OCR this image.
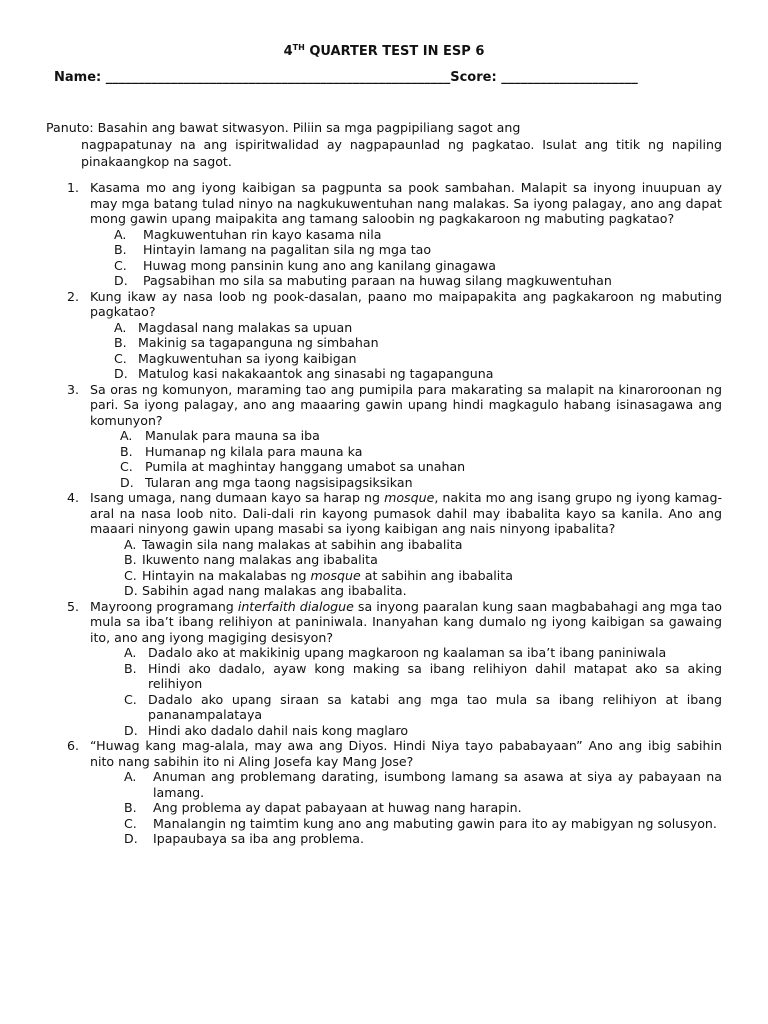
4TH QUARTER TEST IN ESP 6
Name: _____________________________________________________Score: _____________________
Panuto: Basahin ang bawat sitwasyon. Piliin sa mga pagpipiliang sagot ang
nagpapatunay na ang ispiritwalidad ay nagpapaunlad ng pagkatao. Isulat ang titik ng napiling pinakaangkop na sagot.
1. Kasama mo ang iyong kaibigan sa pagpunta sa pook sambahan. Malapit sa inyong inuupuan ay may mga batang tulad ninyo na nagkukuwentuhan nang malakas. Sa iyong palagay, ano ang dapat mong gawin upang maipakita ang tamang saloobin ng pagkakaroon ng mabuting pagkatao?
A. Magkuwentuhan rin kayo kasama nila
B. Hintayin lamang na pagalitan sila ng mga tao
C. Huwag mong pansinin kung ano ang kanilang ginagawa
D. Pagsabihan mo sila sa mabuting paraan na huwag silang magkuwentuhan
2. Kung ikaw ay nasa loob ng pook-dasalan, paano mo maipapakita ang pagkakaroon ng mabuting pagkatao?
A. Magdasal nang malakas sa upuan
B. Makinig sa tagapanguna ng simbahan
C. Magkuwentuhan sa iyong kaibigan
D. Matulog kasi nakakaantok ang sinasabi ng tagapanguna
3. Sa oras ng komunyon, maraming tao ang pumipila para makarating sa malapit na kinaroroonan ng pari. Sa iyong palagay, ano ang maaaring gawin upang hindi magkagulo habang isinasagawa ang komunyon?
A. Manulak para mauna sa iba
B. Humanap ng kilala para mauna ka
C. Pumila at maghintay hanggang umabot sa unahan
D. Tularan ang mga taong nagsisipagsiksikan
4. Isang umaga, nang dumaan kayo sa harap ng mosque, nakita mo ang isang grupo ng iyong kamag-aral na nasa loob nito. Dali-dali rin kayong pumasok dahil may ibabalita kayo sa kanila. Ano ang maaari ninyong gawin upang masabi sa iyong kaibigan ang nais ninyong ipabalita?
A. Tawagin sila nang malakas at sabihin ang ibabalita
B. Ikuwento nang malakas ang ibabalita
C. Hintayin na makalabas ng mosque at sabihin ang ibabalita
D. Sabihin agad nang malakas ang ibabalita.
5. Mayroong programang interfaith dialogue sa inyong paaralan kung saan magbabahagi ang mga tao mula sa iba’t ibang relihiyon at paniniwala. Inanyahan kang dumalo ng iyong kaibigan sa gawaing ito, ano ang iyong magiging desisyon?
A. Dadalo ako at makikinig upang magkaroon ng kaalaman sa iba’t ibang paniniwala
B. Hindi ako dadalo, ayaw kong making sa ibang relihiyon dahil matapat ako sa aking relihiyon
C. Dadalo ako upang siraan sa katabi ang mga tao mula sa ibang relihiyon at ibang pananampalataya
D. Hindi ako dadalo dahil nais kong maglaro
6. “Huwag kang mag-alala, may awa ang Diyos. Hindi Niya tayo pababayaan” Ano ang ibig sabihin nito nang sabihin ito ni Aling Josefa kay Mang Jose?
A. Anuman ang problemang darating, isumbong lamang sa asawa at siya ay pabayaan na lamang.
B. Ang problema ay dapat pabayaan at huwag nang harapin.
C. Manalangin ng taimtim kung ano ang mabuting gawin para ito ay mabigyan ng solusyon.
D. Ipapaubaya sa iba ang problema.
